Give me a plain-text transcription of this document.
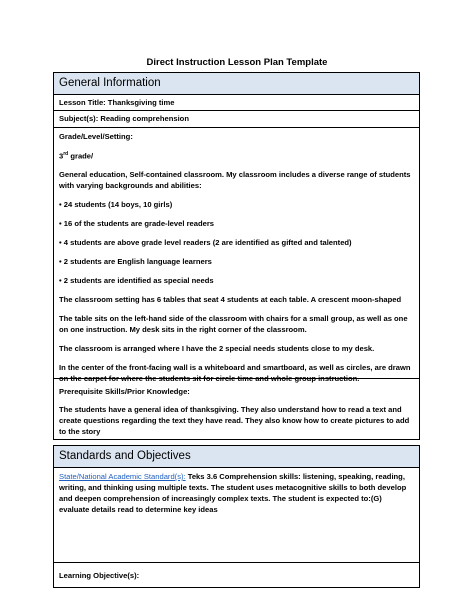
Direct Instruction Lesson Plan Template
General Information
Lesson Title: Thanksgiving time
Subject(s): Reading comprehension

Grade/Level/Setting:

3rd grade/

General education, Self-contained classroom. My classroom includes a diverse range of students with varying backgrounds and abilities:

• 24 students (14 boys, 10 girls)

• 16 of the students are grade-level readers

• 4 students are above grade level readers (2 are identified as gifted and talented)

• 2 students are English language learners

• 2 students are identified as special needs

The classroom setting has 6 tables that seat 4 students at each table. A crescent moon-shaped

The table sits on the left-hand side of the classroom with chairs for a small group, as well as one on one instruction. My desk sits in the right corner of the classroom.

The classroom is arranged where I have the 2 special needs students close to my desk.

In the center of the front-facing wall is a whiteboard and smartboard, as well as circles, are drawn on the carpet for where the students sit for circle time and whole group instruction.

Prerequisite Skills/Prior Knowledge:

The students have a general idea of thanksgiving. They also understand how to read a text and create questions regarding the text they have read. They also know how to create pictures to add to the story

Standards and Objectives

State/National Academic Standard(s): Teks 3.6 Comprehension skills: listening, speaking, reading, writing, and thinking using multiple texts. The student uses metacognitive skills to both develop and deepen comprehension of increasingly complex texts. The student is expected to:(G) evaluate details read to determine key ideas

Learning Objective(s):
